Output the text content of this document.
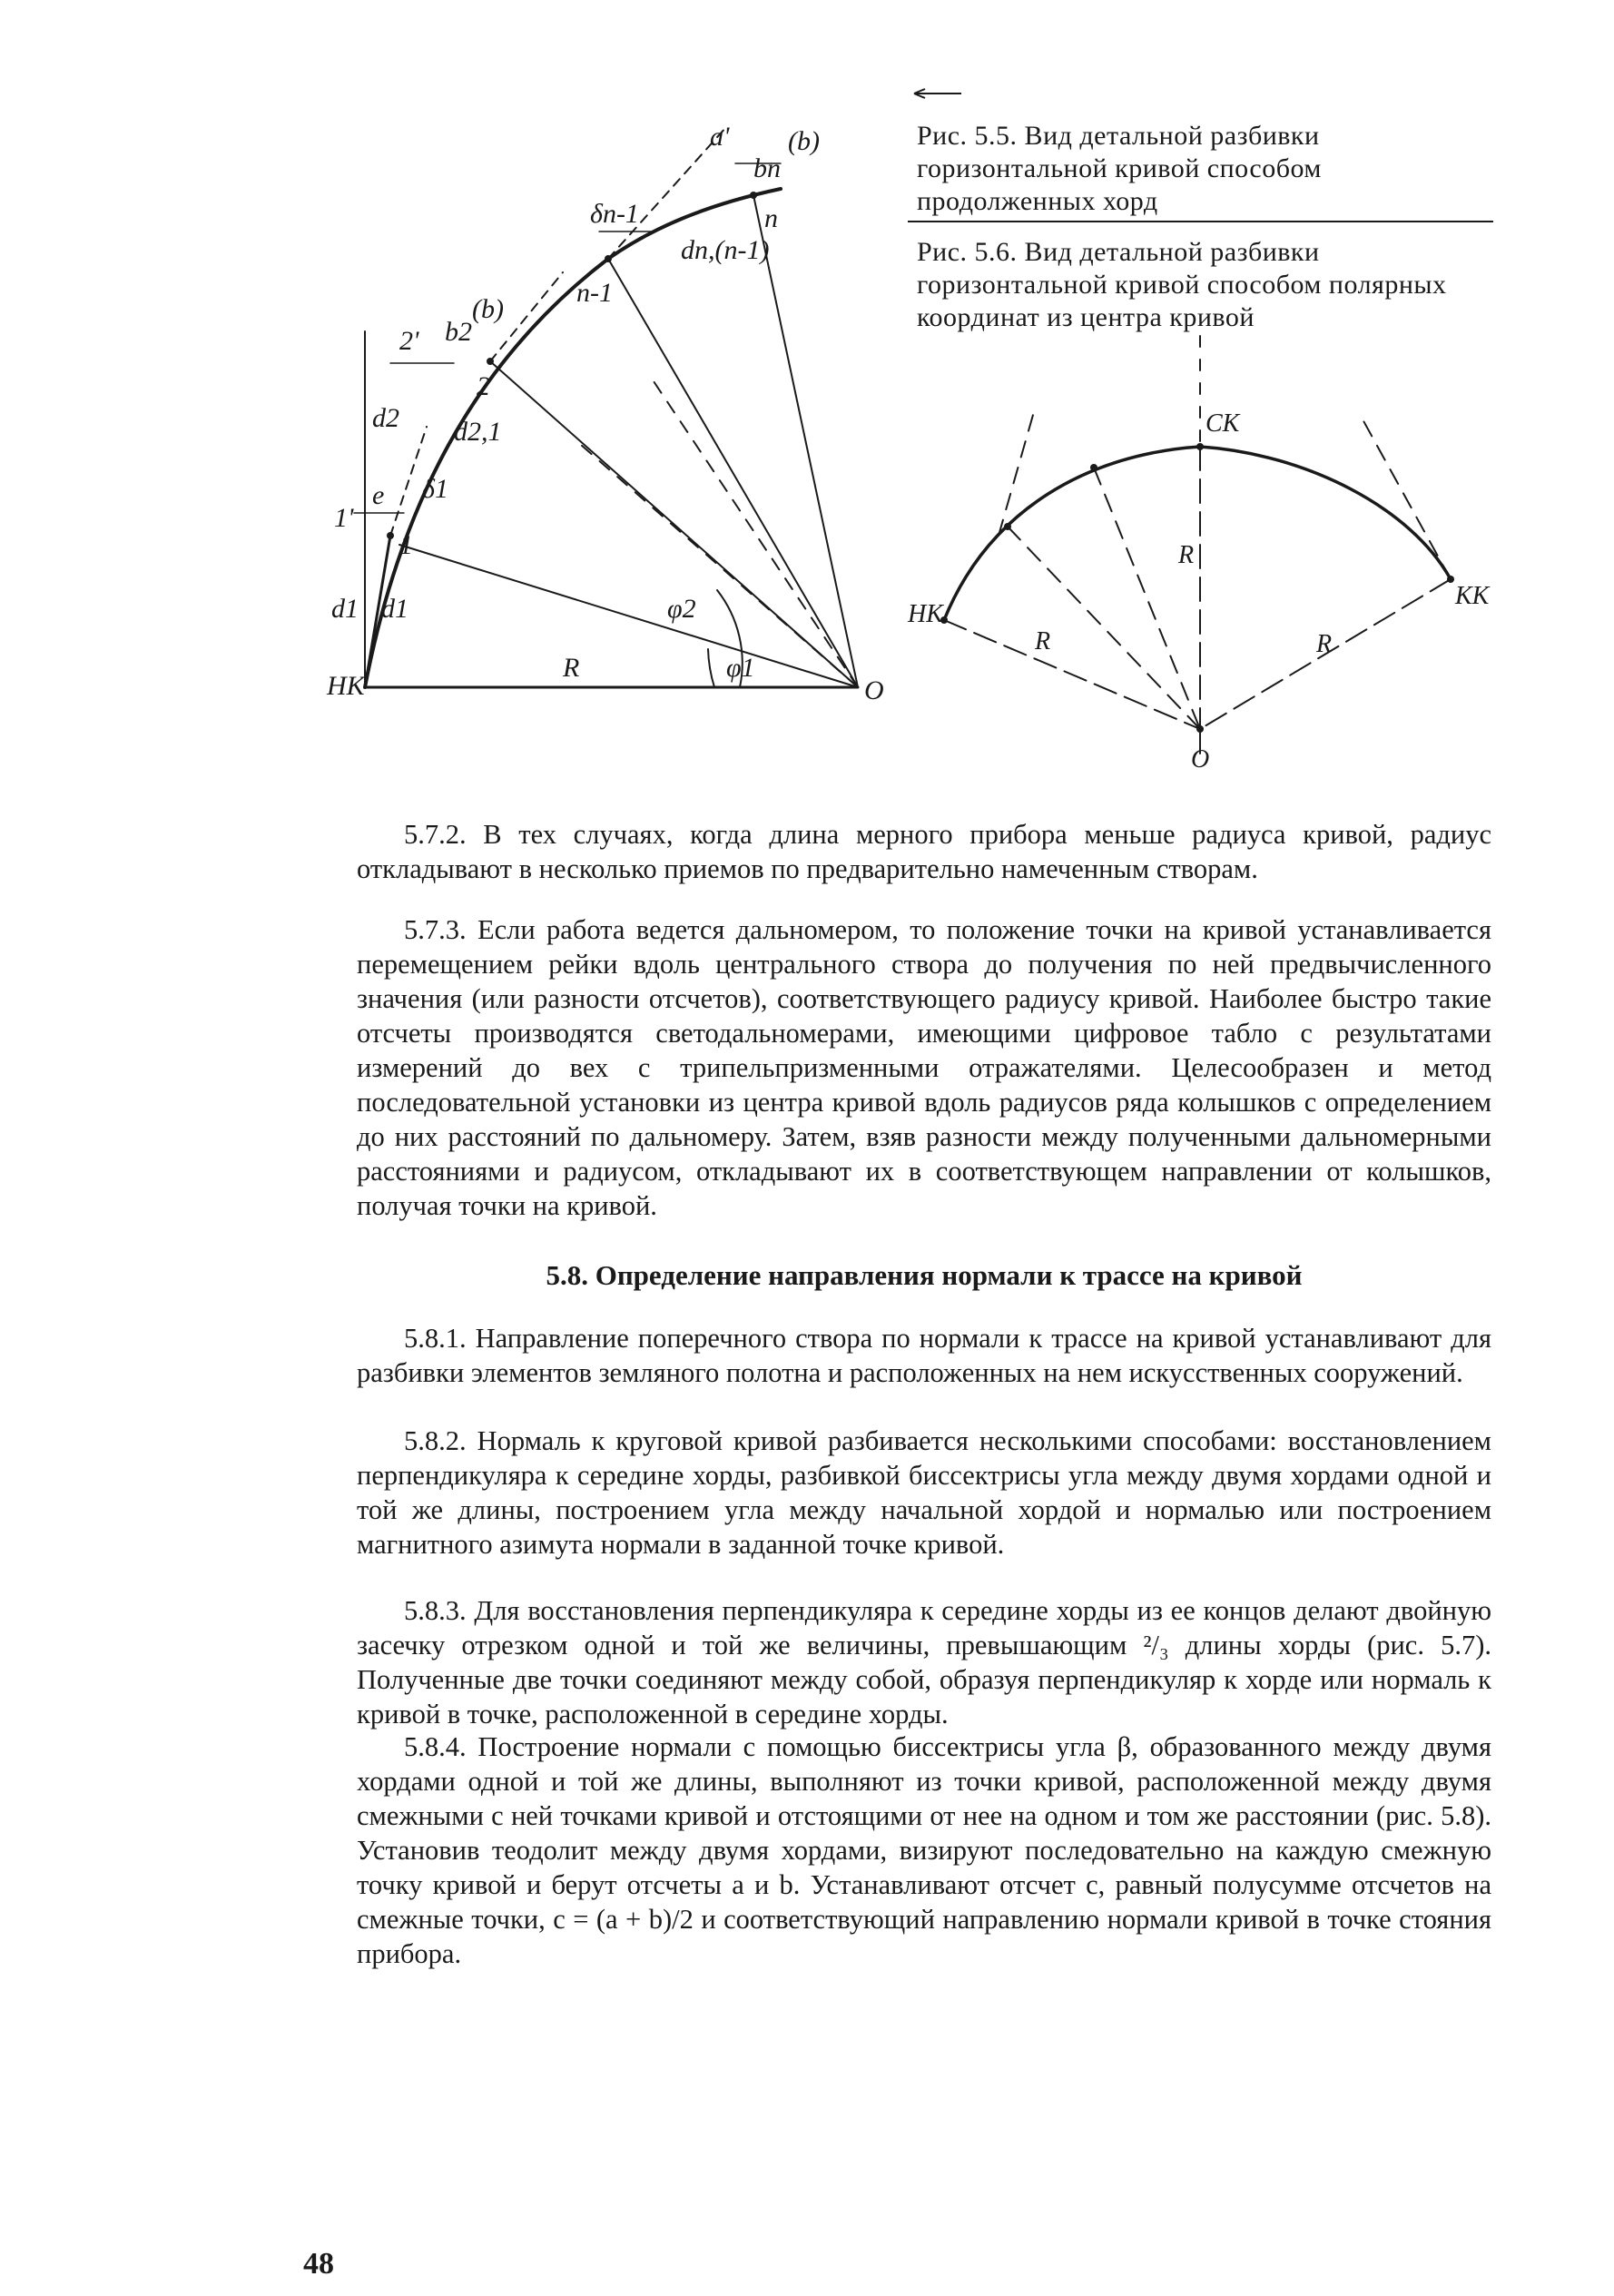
a' (b)
bn
δn-1	n
dn,(n-1)
n-1
(b)
2' b2
2
d2 d2,1
δ1
1'
e
1
d1 d1	φ2
φ1
R
НК	O

Рис. 5.5. Вид детальной разбивки горизонтальной кривой способом продолженных хорд

Рис. 5.6. Вид детальной разбивки горизонтальной кривой способом полярных координат из центра кривой

СК
НК
КК
R
R	R
О

5.7.2. В тех случаях, когда длина мерного прибора меньше радиуса кривой, радиус откладывают в несколько приемов по предварительно намеченным створам.

5.7.3. Если работа ведется дальномером, то положение точки на кривой устанавливается перемещением рейки вдоль центрального створа до получения по ней предвычисленного значения (или разности отсчетов), соответствующего радиусу кривой. Наиболее быстро такие отсчеты производятся светодальномерами, имеющими цифровое табло с результатами измерений до вех с трипельпризменными отражателями. Целесообразен и метод последовательной установки из центра кривой вдоль радиусов ряда колышков с определением до них расстояний по дальномеру. Затем, взяв разности между полученными дальномерными расстояниями и радиусом, откладывают их в соответствующем направлении от колышков, получая точки на кривой.

5.8. Определение направления нормали к трассе на кривой

5.8.1. Направление поперечного створа по нормали к трассе на кривой устанавливают для разбивки элементов земляного полотна и расположенных на нем искусственных сооружений.

5.8.2. Нормаль к круговой кривой разбивается несколькими способами: восстановлением перпендикуляра к середине хорды, разбивкой биссектрисы угла между двумя хордами одной и той же длины, построением угла между начальной хордой и нормалью или построением магнитного азимута нормали в заданной точке кривой.

5.8.3. Для восстановления перпендикуляра к середине хорды из ее концов делают двойную засечку отрезком одной и той же величины, превышающим ²/₃ длины хорды (рис. 5.7). Полученные две точки соединяют между собой, образуя перпендикуляр к хорде или нормаль к кривой в точке, расположенной в середине хорды.

5.8.4. Построение нормали с помощью биссектрисы угла β, образованного между двумя хордами одной и той же длины, выполняют из точки кривой, расположенной между двумя смежными с ней точками кривой и отстоящими от нее на одном и том же расстоянии (рис. 5.8). Установив теодолит между двумя хордами, визируют последовательно на каждую смежную точку кривой и берут отсчеты a и b. Устанавливают отсчет c, равный полусумме отсчетов на смежные точки, c = (a + b)/2 и соответствующий направлению нормали кривой в точке стояния прибора.

48
